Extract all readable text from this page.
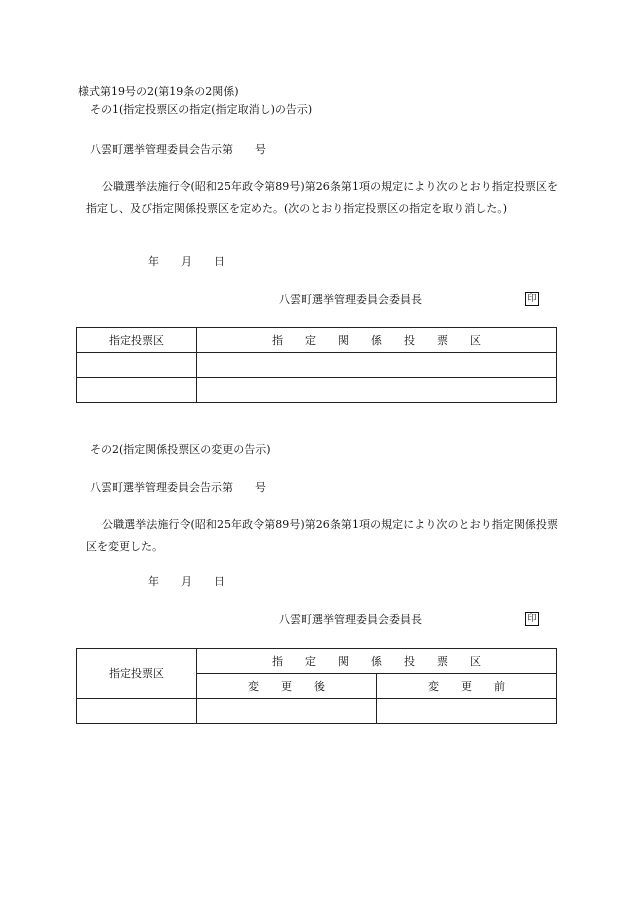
様式第19号の2(第19条の2関係)
その1(指定投票区の指定(指定取消し)の告示)
八雲町選挙管理委員会告示第　　号
公職選挙法施行令(昭和25年政令第89号)第26条第1項の規定により次のとおり指定投票区を指定し、及び指定関係投票区を定めた。(次のとおり指定投票区の指定を取り消した。)
年　　月　　日
八雲町選挙管理委員会委員長	印
指定投票区	指　　定　　関　　係　　投　　票　　区

その2(指定関係投票区の変更の告示)
八雲町選挙管理委員会告示第　　号
公職選挙法施行令(昭和25年政令第89号)第26条第1項の規定により次のとおり指定関係投票区を変更した。
年　　月　　日
八雲町選挙管理委員会委員長	印
指定投票区	指　　定　　関　　係　　投　　票　　区	
	変　　更　　後	変　　更　　前
